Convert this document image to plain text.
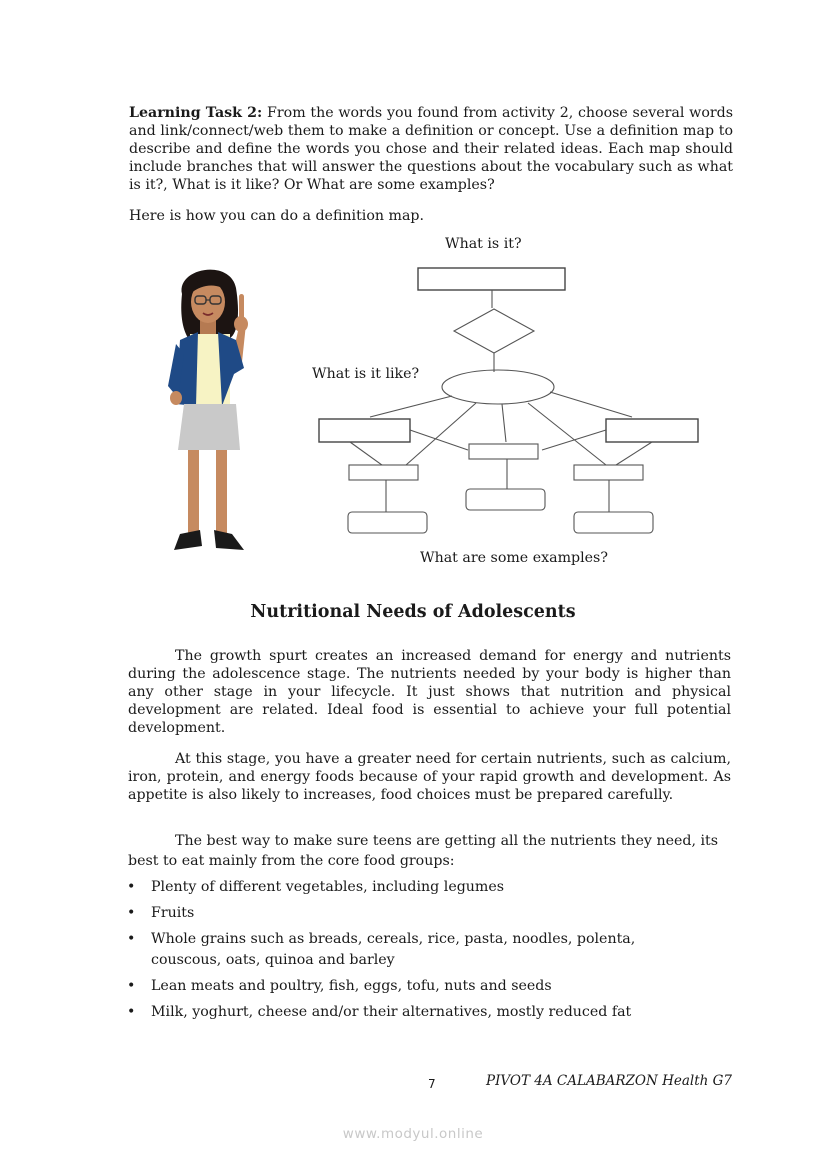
Learning Task 2: From the words you found from activity 2, choose several words and link/connect/web them to make a definition or concept. Use a definition map to describe and define the words you chose and their related ideas. Each map should include branches that will answer the questions about the vocabulary such as what is it?, What is it like? Or What are some examples?

Here is how you can do a definition map.

What is it?
What is it like?
What are some examples?
Nutritional Needs of Adolescents

The growth spurt creates an increased demand for energy and nutrients during the adolescence stage. The nutrients needed by your body is higher than any other stage in your lifecycle. It just shows that nutrition and physical development are related. Ideal food is essential to achieve your full potential development.

At this stage, you have a greater need for certain nutrients, such as calcium, iron, protein, and energy foods because of your rapid growth and development. As appetite is also likely to increases, food choices must be prepared carefully.

The best way to make sure teens are getting all the nutrients they need, its best to eat mainly from the core food groups:

• Plenty of different vegetables, including legumes
• Fruits
• Whole grains such as breads, cereals, rice, pasta, noodles, polenta, couscous, oats, quinoa and barley
• Lean meats and poultry, fish, eggs, tofu, nuts and seeds
• Milk, yoghurt, cheese and/or their alternatives, mostly reduced fat
7	PIVOT 4A CALABARZON Health G7
www.modyul.online
